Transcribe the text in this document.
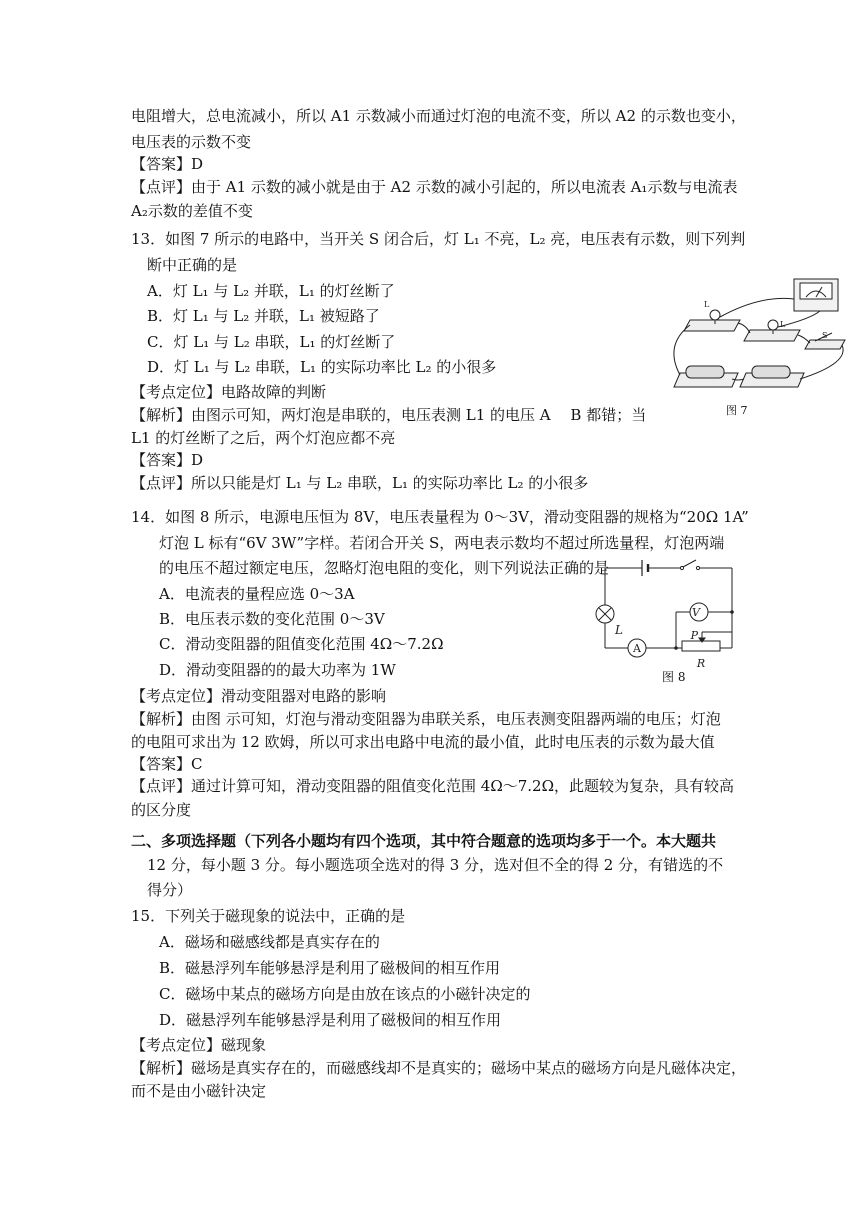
电阻增大，总电流减小，所以 A1 示数减小而通过灯泡的电流不变，所以 A2 的示数也变小，
电压表的示数不变
【答案】D
【点评】由于 A1 示数的减小就是由于 A2 示数的减小引起的，所以电流表 A₁示数与电流表
A₂示数的差值不变
13．如图 7 所示的电路中，当开关 S 闭合后，灯 L₁ 不亮，L₂ 亮，电压表有示数，则下列判
断中正确的是
A．灯 L₁ 与 L₂ 并联，L₁ 的灯丝断了
B．灯 L₁ 与 L₂ 并联，L₁ 被短路了
C．灯 L₁ 与 L₂ 串联，L₁ 的灯丝断了
D．灯 L₁ 与 L₂ 串联，L₁ 的实际功率比 L₂ 的小很多
【考点定位】电路故障的判断
【解析】由图示可知，两灯泡是串联的，电压表测 L1 的电压 A　 B 都错；当
L1 的灯丝断了之后，两个灯泡应都不亮
【答案】D
【点评】所以只能是灯 L₁ 与 L₂ 串联，L₁ 的实际功率比 L₂ 的小很多
14．如图 8 所示，电源电压恒为 8V，电压表量程为 0～3V，滑动变阻器的规格为“20Ω 1A”
灯泡 L 标有“6V 3W”字样。若闭合开关 S，两电表示数均不超过所选量程，灯泡两端
的电压不超过额定电压，忽略灯泡电阻的变化，则下列说法正确的是
A．电流表的量程应选 0～3A
B．电压表示数的变化范围 0～3V
C．滑动变阻器的阻值变化范围 4Ω～7.2Ω
D．滑动变阻器的的最大功率为 1W
【考点定位】滑动变阻器对电路的影响
【解析】由图 示可知，灯泡与滑动变阻器为串联关系，电压表测变阻器两端的电压；灯泡
的电阻可求出为 12 欧姆，所以可求出电路中电流的最小值，此时电压表的示数为最大值
【答案】C
【点评】通过计算可知，滑动变阻器的阻值变化范围 4Ω～7.2Ω，此题较为复杂，具有较高
的区分度
二、多项选择题（下列各小题均有四个选项，其中符合题意的选项均多于一个。本大题共
12 分，每小题 3 分。每小题选项全选对的得 3 分，选对但不全的得 2 分，有错选的不
得分）
15．下列关于磁现象的说法中，正确的是
A．磁场和磁感线都是真实存在的
B．磁悬浮列车能够悬浮是利用了磁极间的相互作用
C．磁场中某点的磁场方向是由放在该点的小磁针决定的
D．磁悬浮列车能够悬浮是利用了磁极间的相互作用
【考点定位】磁现象
【解析】磁场是真实存在的，而磁感线却不是真实的；磁场中某点的磁场方向是凡磁体决定，
而不是由小磁针决定
L
L
S
图 7
L
V
A
P
R
图 8
